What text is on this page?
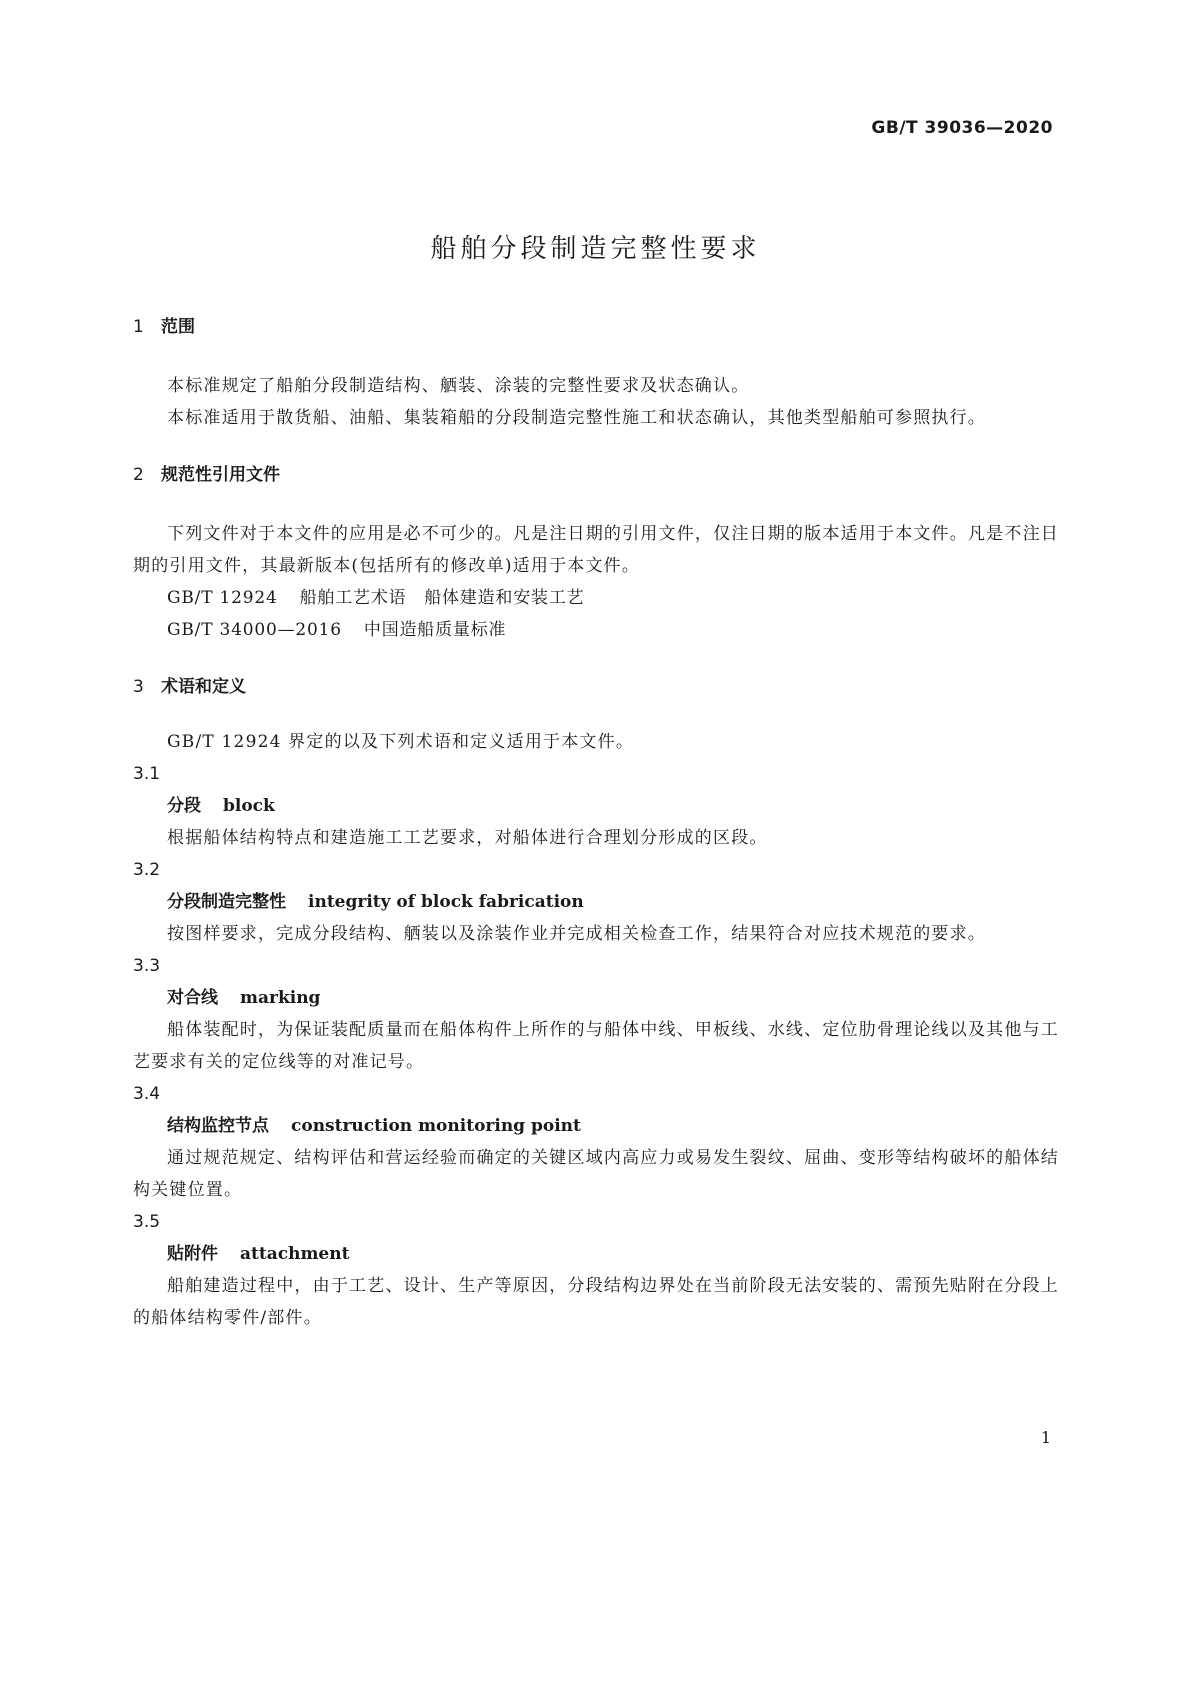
GB/T 39036—2020
船舶分段制造完整性要求
1 范围

本标准规定了船舶分段制造结构、舾装、涂装的完整性要求及状态确认。

本标准适用于散货船、油船、集装箱船的分段制造完整性施工和状态确认，其他类型船舶可参照执行。

2 规范性引用文件

下列文件对于本文件的应用是必不可少的。凡是注日期的引用文件，仅注日期的版本适用于本文件。凡是不注日期的引用文件，其最新版本(包括所有的修改单)适用于本文件。

GB/T 12924 船舶工艺术语　船体建造和安装工艺

GB/T 34000—2016 中国造船质量标准

3 术语和定义

GB/T 12924 界定的以及下列术语和定义适用于本文件。

3.1

分段 block

根据船体结构特点和建造施工工艺要求，对船体进行合理划分形成的区段。

3.2

分段制造完整性 integrity of block fabrication

按图样要求，完成分段结构、舾装以及涂装作业并完成相关检查工作，结果符合对应技术规范的要求。

3.3

对合线 marking

船体装配时，为保证装配质量而在船体构件上所作的与船体中线、甲板线、水线、定位肋骨理论线以及其他与工艺要求有关的定位线等的对准记号。

3.4

结构监控节点 construction monitoring point

通过规范规定、结构评估和营运经验而确定的关键区域内高应力或易发生裂纹、屈曲、变形等结构破坏的船体结构关键位置。

3.5

贴附件 attachment

船舶建造过程中，由于工艺、设计、生产等原因，分段结构边界处在当前阶段无法安装的、需预先贴附在分段上的船体结构零件/部件。

1
